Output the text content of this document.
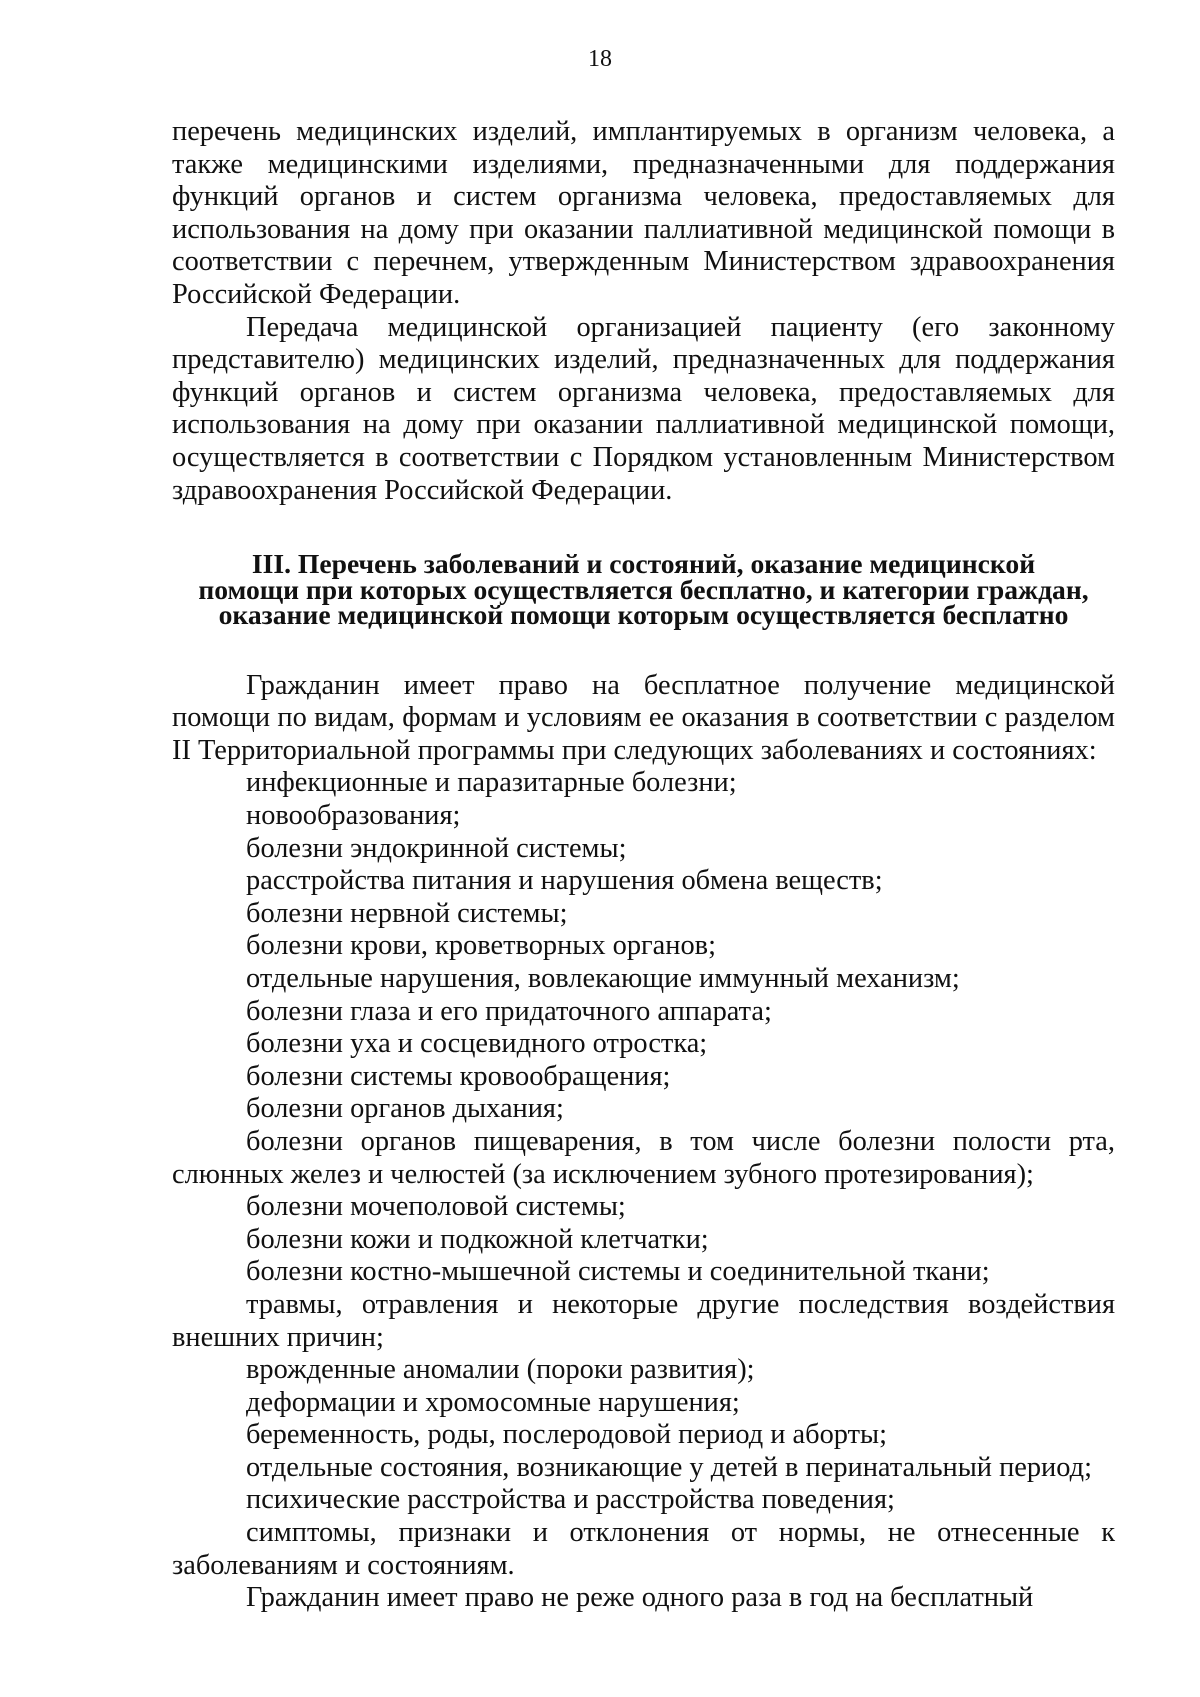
18

перечень медицинских изделий, имплантируемых в организм человека, а также медицинскими изделиями, предназначенными для поддержания функций органов и систем организма человека, предоставляемых для использования на дому при оказании паллиативной медицинской помощи в соответствии с перечнем, утвержденным Министерством здравоохранения Российской Федерации.

Передача медицинской организацией пациенту (его законному представителю) медицинских изделий, предназначенных для поддержания функций органов и систем организма человека, предоставляемых для использования на дому при оказании паллиативной медицинской помощи, осуществляется в соответствии с Порядком установленным Министерством здравоохранения Российской Федерации.

III. Перечень заболеваний и состояний, оказание медицинской
помощи при которых осуществляется бесплатно, и категории граждан,
оказание медицинской помощи которым осуществляется бесплатно

Гражданин имеет право на бесплатное получение медицинской помощи по видам, формам и условиям ее оказания в соответствии с разделом II Территориальной программы при следующих заболеваниях и состояниях:

инфекционные и паразитарные болезни;

новообразования;

болезни эндокринной системы;

расстройства питания и нарушения обмена веществ;

болезни нервной системы;

болезни крови, кроветворных органов;

отдельные нарушения, вовлекающие иммунный механизм;

болезни глаза и его придаточного аппарата;

болезни уха и сосцевидного отростка;

болезни системы кровообращения;

болезни органов дыхания;

болезни органов пищеварения, в том числе болезни полости рта, слюнных желез и челюстей (за исключением зубного протезирования);

болезни мочеполовой системы;

болезни кожи и подкожной клетчатки;

болезни костно-мышечной системы и соединительной ткани;

травмы, отравления и некоторые другие последствия воздействия внешних причин;

врожденные аномалии (пороки развития);

деформации и хромосомные нарушения;

беременность, роды, послеродовой период и аборты;

отдельные состояния, возникающие у детей в перинатальный период;

психические расстройства и расстройства поведения;

симптомы, признаки и отклонения от нормы, не отнесенные к заболеваниям и состояниям.

Гражданин имеет право не реже одного раза в год на бесплатный
